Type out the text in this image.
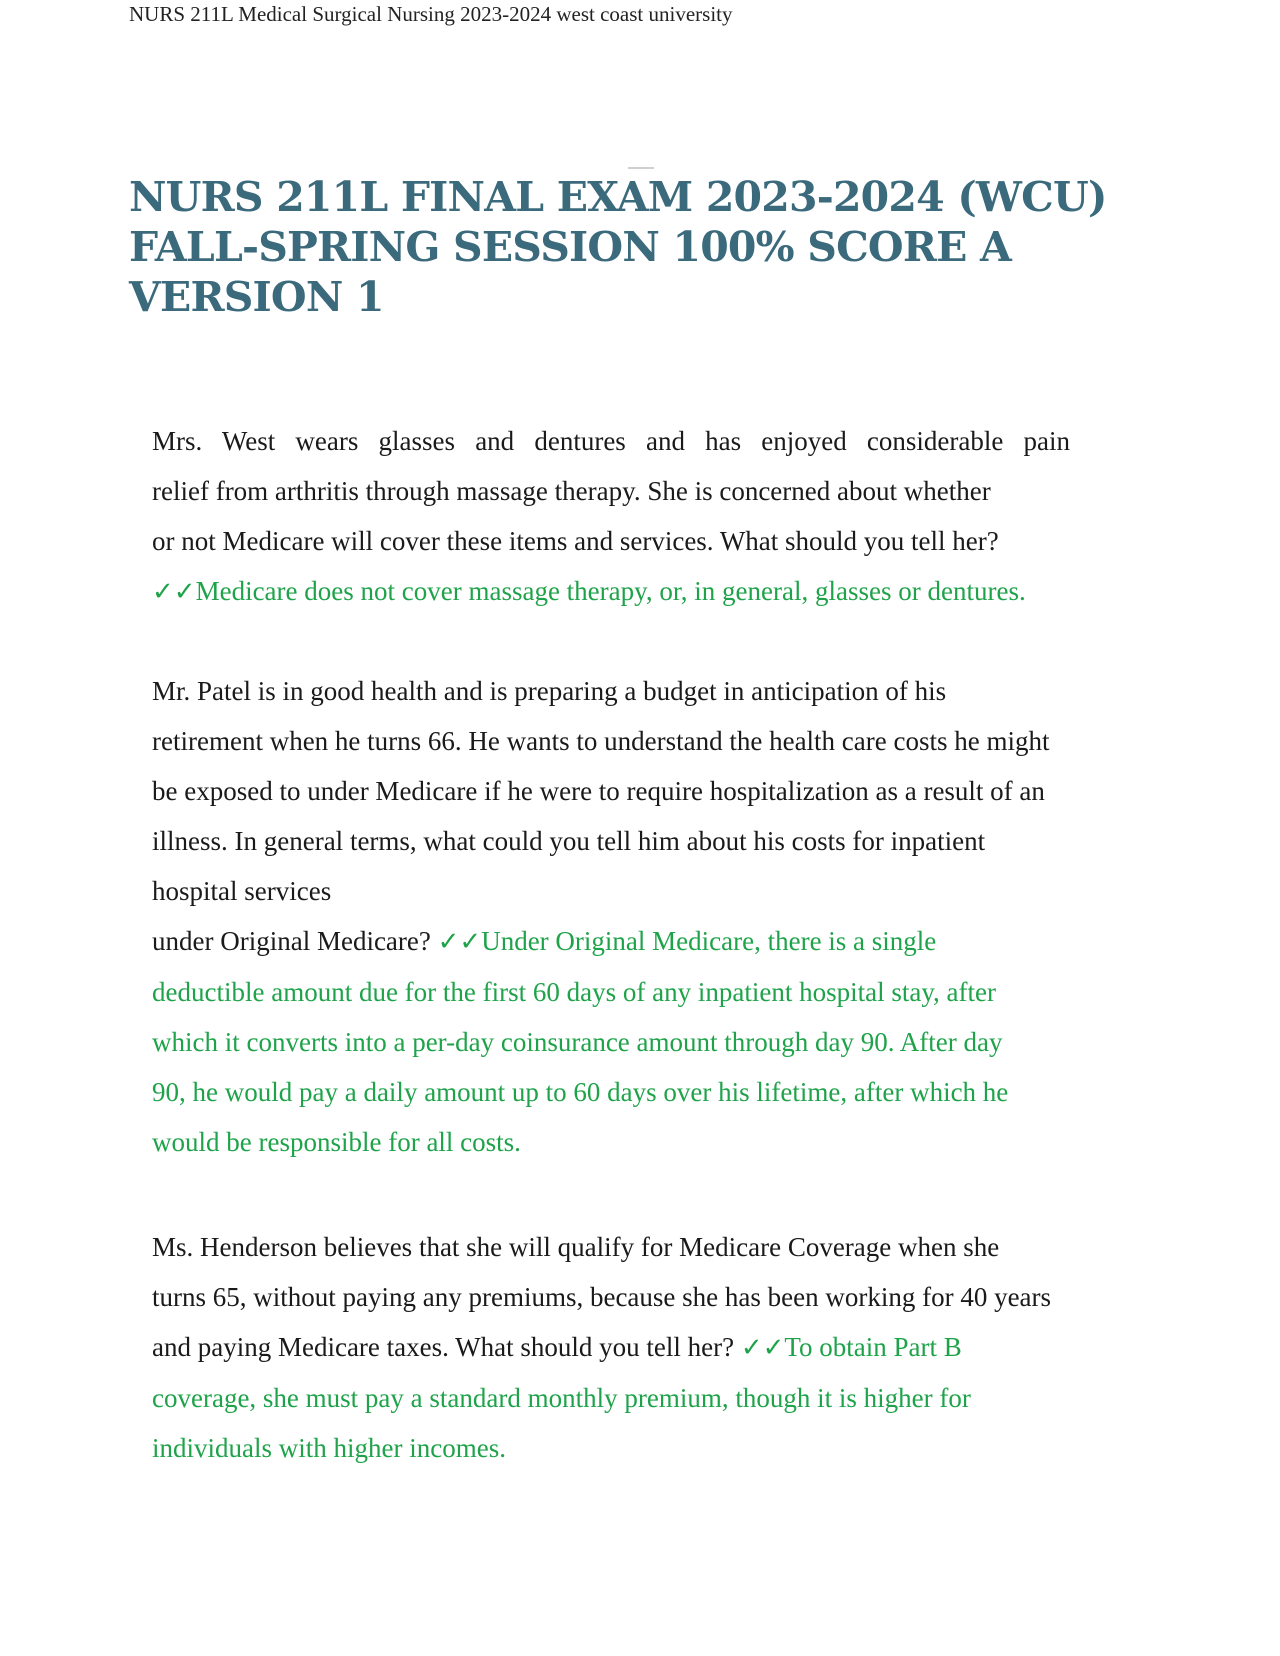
NURS 211L Medical Surgical Nursing 2023-2024 west coast university
NURS 211L FINAL EXAM 2023-2024 (WCU) FALL-SPRING SESSION 100% SCORE A VERSION 1
Mrs. West wears glasses and dentures and has enjoyed considerable pain
relief from arthritis through massage therapy. She is concerned about whether
or not Medicare will cover these items and services. What should you tell her?
✓✓Medicare does not cover massage therapy, or, in general, glasses or dentures.
Mr. Patel is in good health and is preparing a budget in anticipation of his
retirement when he turns 66. He wants to understand the health care costs he might
be exposed to under Medicare if he were to require hospitalization as a result of an
illness. In general terms, what could you tell him about his costs for inpatient
hospital services
under Original Medicare? ✓✓Under Original Medicare, there is a single
deductible amount due for the first 60 days of any inpatient hospital stay, after
which it converts into a per-day coinsurance amount through day 90. After day
90, he would pay a daily amount up to 60 days over his lifetime, after which he
would be responsible for all costs.
Ms. Henderson believes that she will qualify for Medicare Coverage when she
turns 65, without paying any premiums, because she has been working for 40 years
and paying Medicare taxes. What should you tell her? ✓✓To obtain Part B
coverage, she must pay a standard monthly premium, though it is higher for
individuals with higher incomes.
